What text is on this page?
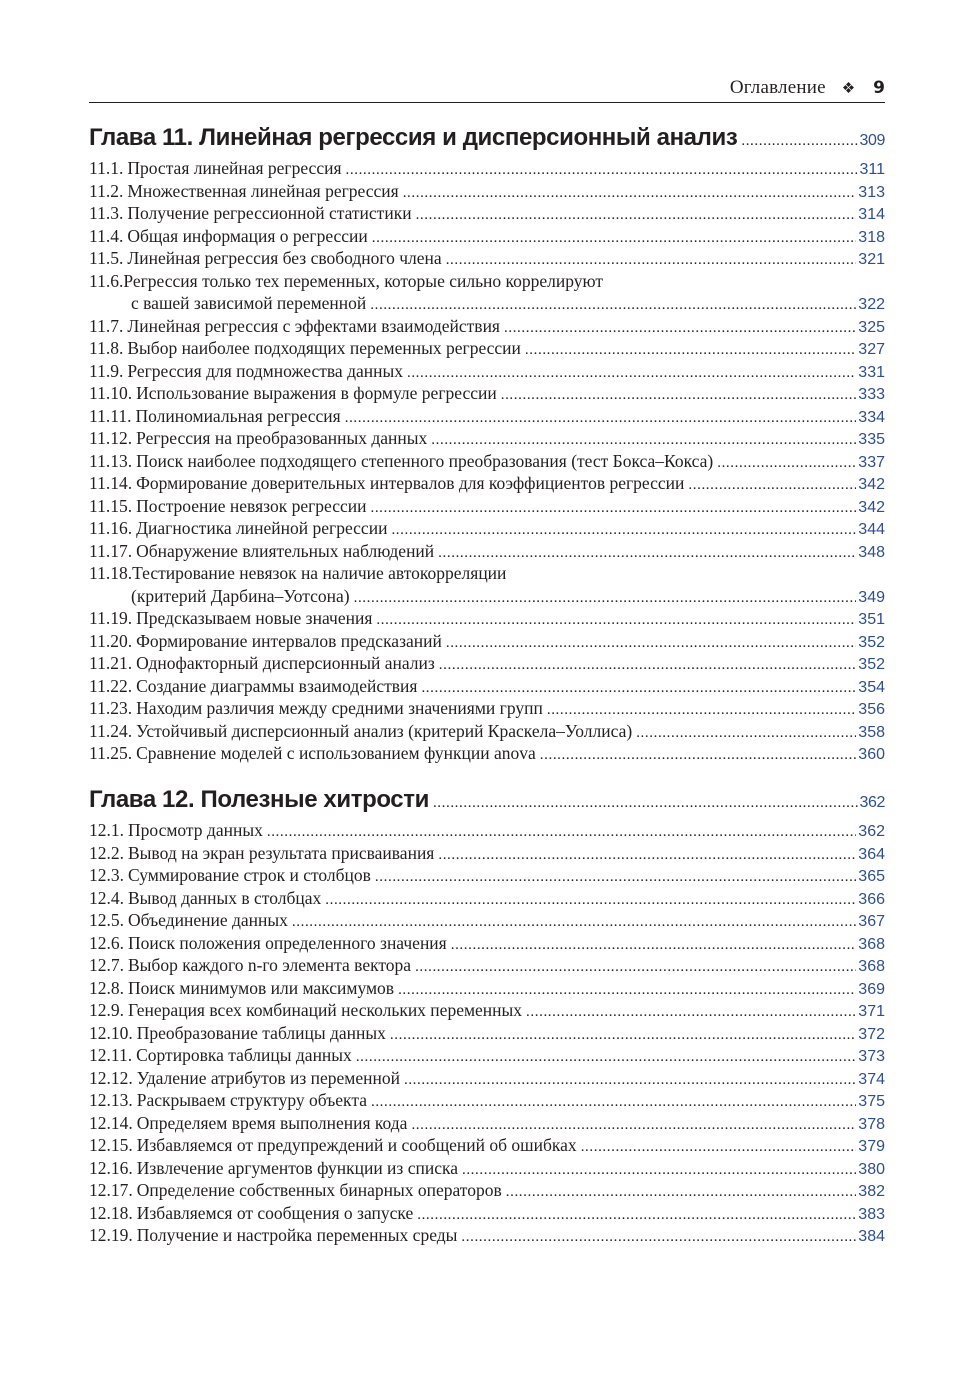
Оглавление ❖ 9
Глава 11. Линейная регрессия и дисперсионный анализ .....	309
11.1. Простая линейная регрессия .....	311
11.2. Множественная линейная регрессия .....	313
11.3. Получение регрессионной статистики .....	314
11.4. Общая информация о регрессии .....	318
11.5. Линейная регрессия без свободного члена .....	321
11.6. Регрессия только тех переменных, которые сильно коррелируют
с вашей зависимой переменной .....	322
11.7. Линейная регрессия с эффектами взаимодействия .....	325
11.8. Выбор наиболее подходящих переменных регрессии .....	327
11.9. Регрессия для подмножества данных .....	331
11.10. Использование выражения в формуле регрессии .....	333
11.11. Полиномиальная регрессия .....	334
11.12. Регрессия на преобразованных данных .....	335
11.13. Поиск наиболее подходящего степенного преобразования (тест Бокса–Кокса) .....	337
11.14. Формирование доверительных интервалов для коэффициентов регрессии .....	342
11.15. Построение невязок регрессии .....	342
11.16. Диагностика линейной регрессии .....	344
11.17. Обнаружение влиятельных наблюдений .....	348
11.18. Тестирование невязок на наличие автокорреляции
(критерий Дарбина–Уотсона) .....	349
11.19. Предсказываем новые значения .....	351
11.20. Формирование интервалов предсказаний .....	352
11.21. Однофакторный дисперсионный анализ .....	352
11.22. Создание диаграммы взаимодействия .....	354
11.23. Находим различия между средними значениями групп .....	356
11.24. Устойчивый дисперсионный анализ (критерий Краскела–Уоллиса) .....	358
11.25. Сравнение моделей с использованием функции anova .....	360
Глава 12. Полезные хитрости .....	362
12.1. Просмотр данных .....	362
12.2. Вывод на экран результата присваивания .....	364
12.3. Суммирование строк и столбцов .....	365
12.4. Вывод данных в столбцах .....	366
12.5. Объединение данных .....	367
12.6. Поиск положения определенного значения .....	368
12.7. Выбор каждого n-го элемента вектора .....	368
12.8. Поиск минимумов или максимумов .....	369
12.9. Генерация всех комбинаций нескольких переменных .....	371
12.10. Преобразование таблицы данных .....	372
12.11. Сортировка таблицы данных .....	373
12.12. Удаление атрибутов из переменной .....	374
12.13. Раскрываем структуру объекта .....	375
12.14. Определяем время выполнения кода .....	378
12.15. Избавляемся от предупреждений и сообщений об ошибках .....	379
12.16. Извлечение аргументов функции из списка .....	380
12.17. Определение собственных бинарных операторов .....	382
12.18. Избавляемся от сообщения о запуске .....	383
12.19. Получение и настройка переменных среды .....	384
